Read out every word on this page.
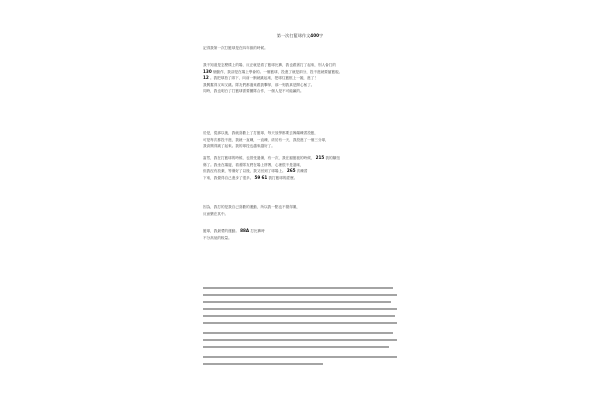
第一次打籃球作文400字
記得我第一次打籃球是在四年級的時候。
我不知道是怎麼樣上的場，反正就是看了籃球比賽，我也跟著打了起來，別人會打的
130 個動作，我卻是在場上學會的。一個籃球，投進了就是兩分，投不進就要搶籃板。
12 。我把球拍了兩下，向前一衝就跳起來，把球往籃框上一拋，進了！
我興奮得又叫又跳。隊友們都過來跟我擊掌，那一刻我真是開心極了。
同時，我也明白了打籃球需要團隊合作，一個人是不可能贏的。
於是，從那以後，我就喜歡上了打籃球，每天放學都要去操場練習投籃，
可是每次都投不進，我就一直練，一直練，終於有一天，我投進了一個三分球，
我高興得跳了起來。我的球技也越來越好了。
當然，我在打籃球的時候，也曾受過傷，有一次，我在搶籃板的時候， 215 我的腳扭
傷了。我坐在場邊，看著隊友們在場上拼搏，心裡很不是滋味，
但我沒有放棄，等傷好了以後，我又回到了球場上。 265 次練習
下來，我覺得自己進步了很多。 59 61 我打籃球的經歷。
因為，我打的是我自己喜歡的運動，所以我一點也不覺得累，
反而樂在其中。
籃球，我最愛的運動。 88A 打比賽時
不分高低的較量。
